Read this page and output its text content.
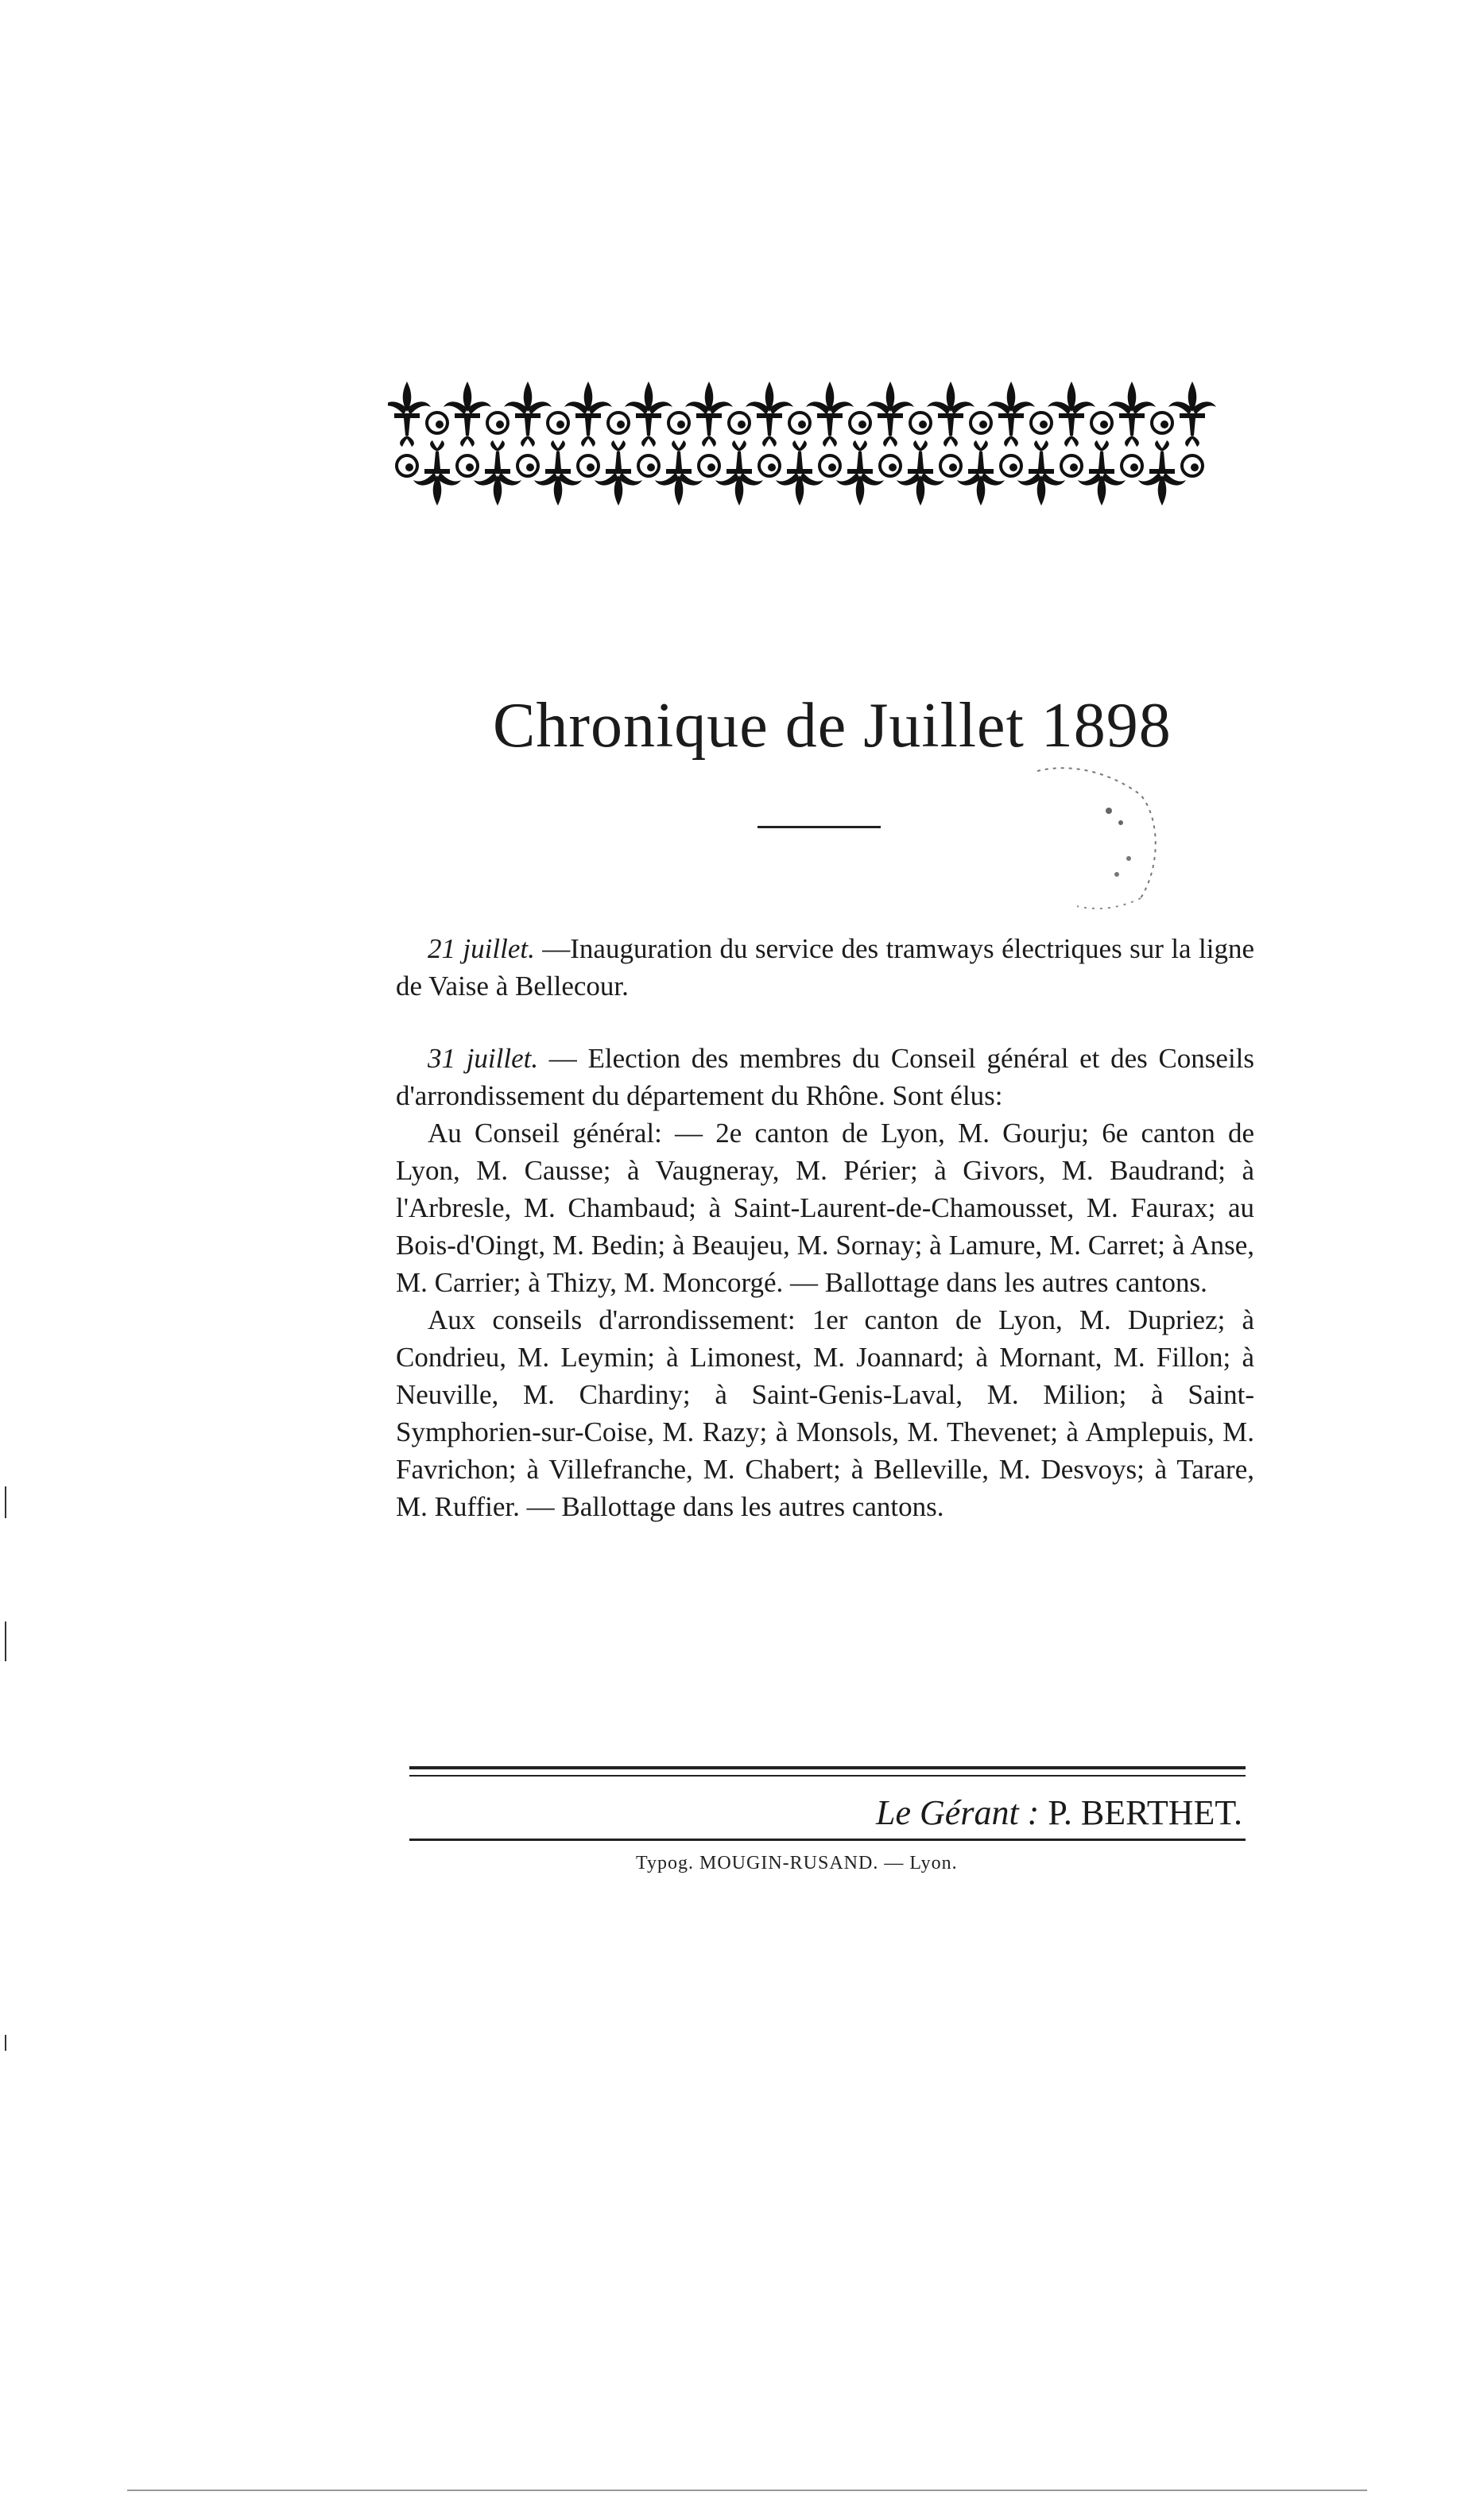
Chronique de Juillet 1898

21 juillet. —Inauguration du service des tramways électriques sur la ligne de Vaise à Bellecour.

31 juillet. — Election des membres du Conseil général et des Conseils d'arrondissement du département du Rhône. Sont élus:

Au Conseil général: — 2e canton de Lyon, M. Gourju; 6e canton de Lyon, M. Causse; à Vaugneray, M. Périer; à Givors, M. Baudrand; à l'Arbresle, M. Chambaud; à Saint-Laurent-de-Chamousset, M. Faurax; au Bois-d'Oingt, M. Bedin; à Beaujeu, M. Sornay; à Lamure, M. Carret; à Anse, M. Carrier; à Thizy, M. Moncorgé. — Ballottage dans les autres cantons.

Aux conseils d'arrondissement: 1er canton de Lyon, M. Dupriez; à Condrieu, M. Leymin; à Limonest, M. Joannard; à Mornant, M. Fillon; à Neuville, M. Chardiny; à Saint-Genis-Laval, M. Milion; à Saint-Symphorien-sur-Coise, M. Razy; à Monsols, M. Thevenet; à Amplepuis, M. Favrichon; à Villefranche, M. Chabert; à Belleville, M. Desvoys; à Tarare, M. Ruffier. — Ballottage dans les autres cantons.

Le Gérant : P. BERTHET.
Typog. MOUGIN-RUSAND. — Lyon.
